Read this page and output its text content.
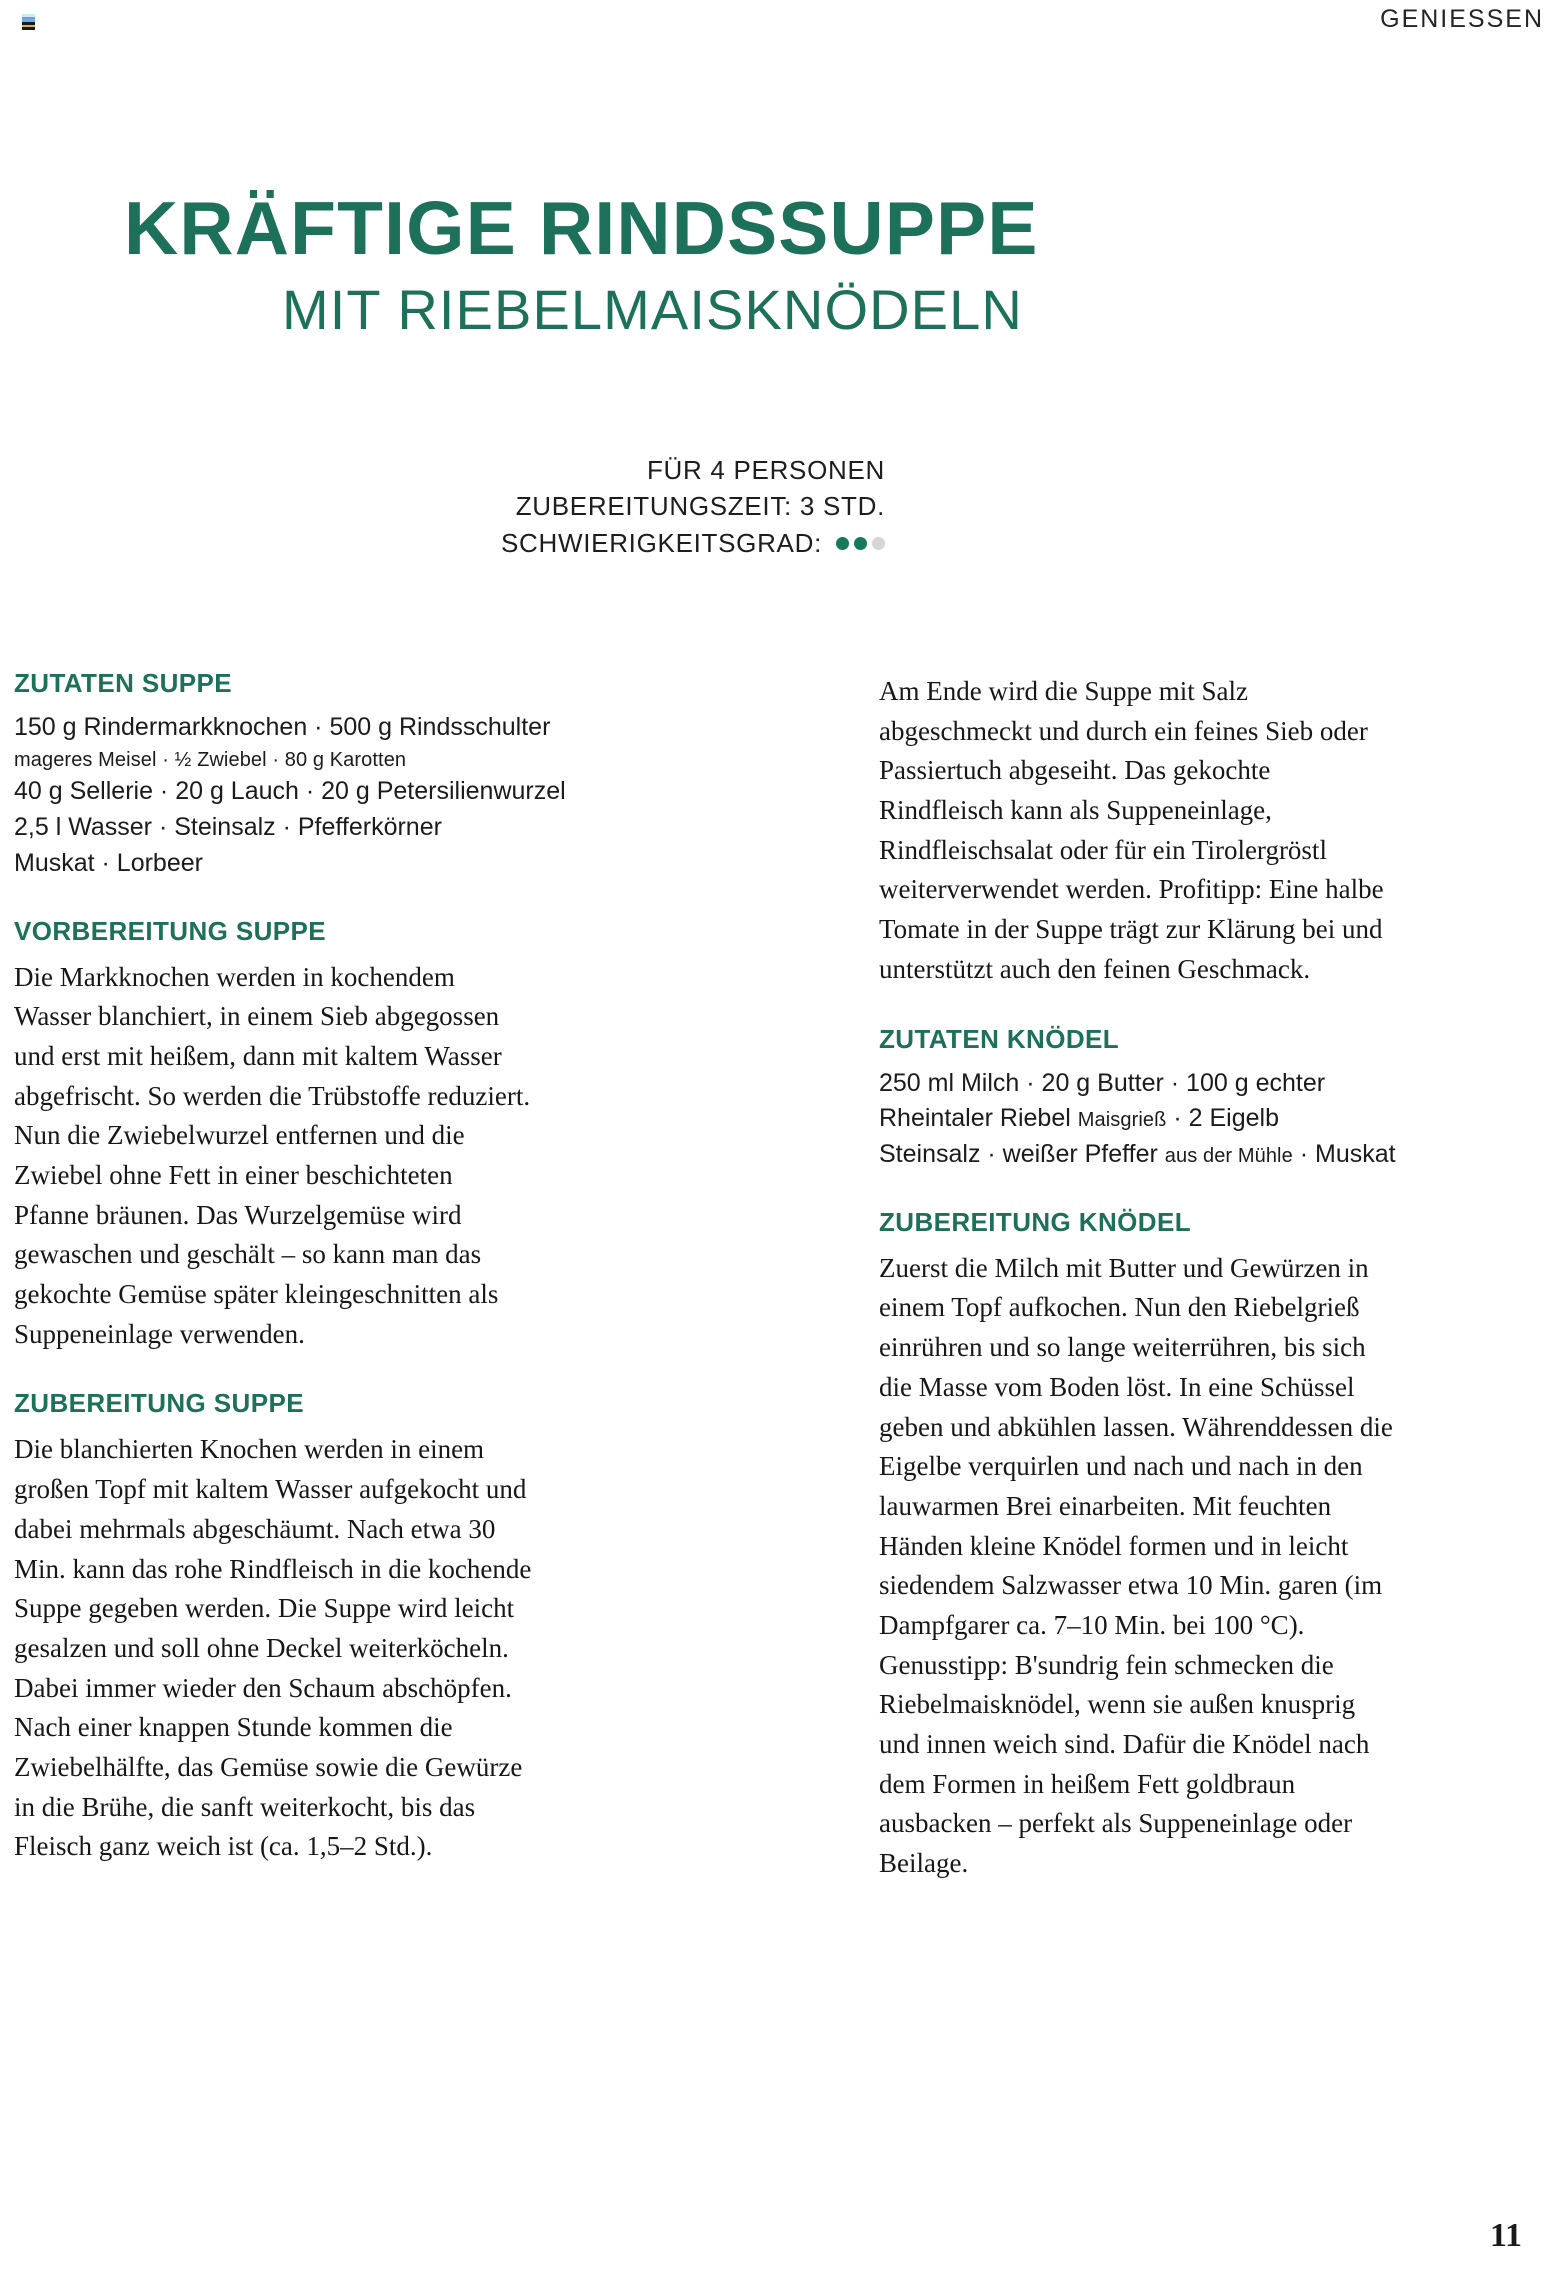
GENIESSEN
KRÄFTIGE RINDSSUPPE
MIT RIEBELMAISKNÖDELN
FÜR 4 PERSONEN
ZUBEREITUNGSZEIT: 3 STD.
SCHWIERIGKEITSGRAD:
ZUTATEN SUPPE
150 g Rindermarkknochen · 500 g Rindsschulter
mageres Meisel · ½ Zwiebel · 80 g Karotten
40 g Sellerie · 20 g Lauch · 20 g Petersilienwurzel
2,5 l Wasser · Steinsalz · Pfefferkörner
Muskat · Lorbeer
VORBEREITUNG SUPPE

Die Markknochen werden in kochendem Wasser blanchiert, in einem Sieb abgegossen und erst mit heißem, dann mit kaltem Wasser abgefrischt. So werden die Trübstoffe reduziert. Nun die Zwiebelwurzel entfernen und die Zwiebel ohne Fett in einer beschichteten Pfanne bräunen. Das Wurzelgemüse wird gewaschen und geschält – so kann man das gekochte Gemüse später kleingeschnitten als Suppeneinlage verwenden.

ZUBEREITUNG SUPPE

Die blanchierten Knochen werden in einem großen Topf mit kaltem Wasser aufgekocht und dabei mehrmals abgeschäumt. Nach etwa 30 Min. kann das rohe Rindfleisch in die kochende Suppe gegeben werden. Die Suppe wird leicht gesalzen und soll ohne Deckel weiterköcheln. Dabei immer wieder den Schaum abschöpfen. Nach einer knappen Stunde kommen die Zwiebelhälfte, das Gemüse sowie die Gewürze in die Brühe, die sanft weiterkocht, bis das Fleisch ganz weich ist (ca. 1,5–2 Std.).

Am Ende wird die Suppe mit Salz abgeschmeckt und durch ein feines Sieb oder Passiertuch abgeseiht. Das gekochte Rindfleisch kann als Suppeneinlage, Rindfleischsalat oder für ein Tirolergröstl weiterverwendet werden. Profitipp: Eine halbe Tomate in der Suppe trägt zur Klärung bei und unterstützt auch den feinen Geschmack.

ZUTATEN KNÖDEL
250 ml Milch · 20 g Butter · 100 g echter
Rheintaler Riebel Maisgrieß · 2 Eigelb
Steinsalz · weißer Pfeffer aus der Mühle · Muskat
ZUBEREITUNG KNÖDEL

Zuerst die Milch mit Butter und Gewürzen in einem Topf aufkochen. Nun den Riebelgrieß einrühren und so lange weiterrühren, bis sich die Masse vom Boden löst. In eine Schüssel geben und abkühlen lassen. Währenddessen die Eigelbe verquirlen und nach und nach in den lauwarmen Brei einarbeiten. Mit feuchten Händen kleine Knödel formen und in leicht siedendem Salzwasser etwa 10 Min. garen (im Dampfgarer ca. 7–10 Min. bei 100 °C). Genusstipp: B'sundrig fein schmecken die Riebelmaisknödel, wenn sie außen knusprig und innen weich sind. Dafür die Knödel nach dem Formen in heißem Fett goldbraun ausbacken – perfekt als Suppeneinlage oder Beilage.

11
